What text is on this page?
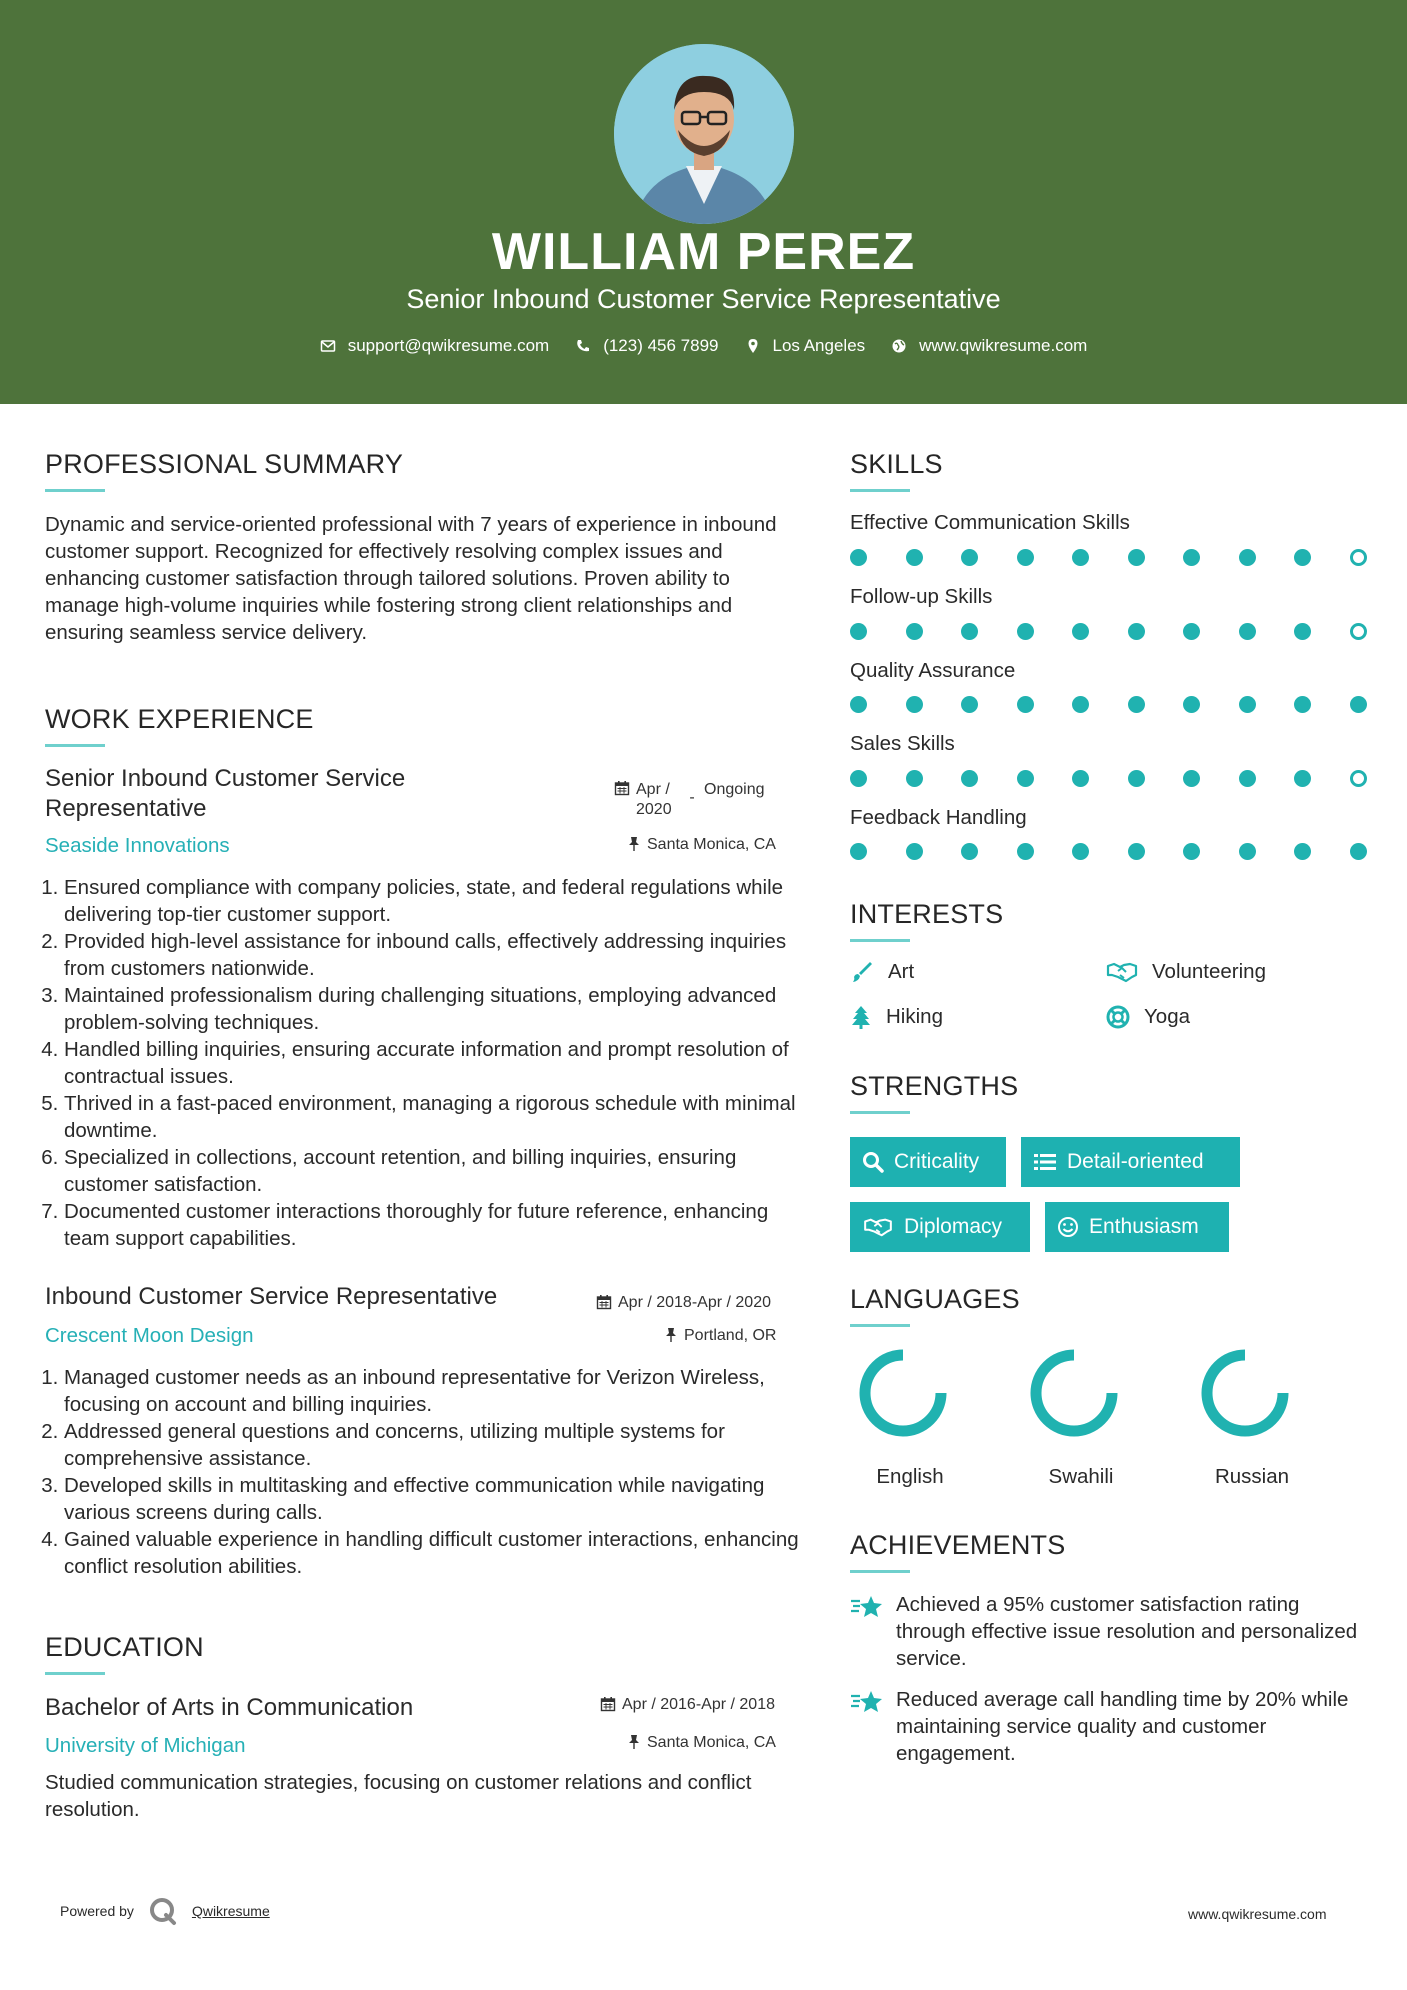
WILLIAM PEREZ
Senior Inbound Customer Service Representative
support@qwikresume.com	(123) 456 7899	Los Angeles	www.qwikresume.com
PROFESSIONAL SUMMARY
Dynamic and service-oriented professional with 7 years of experience in inbound customer support. Recognized for effectively resolving complex issues and enhancing customer satisfaction through tailored solutions. Proven ability to manage high-volume inquiries while fostering strong client relationships and ensuring seamless service delivery.
WORK EXPERIENCE
Senior Inbound Customer Service Representative
Apr / 2020
- Ongoing
Seaside Innovations	Santa Monica, CA
1. Ensured compliance with company policies, state, and federal regulations while delivering top-tier customer support.
2. Provided high-level assistance for inbound calls, effectively addressing inquiries from customers nationwide.
3. Maintained professionalism during challenging situations, employing advanced problem-solving techniques.
4. Handled billing inquiries, ensuring accurate information and prompt resolution of contractual issues.
5. Thrived in a fast-paced environment, managing a rigorous schedule with minimal downtime.
6. Specialized in collections, account retention, and billing inquiries, ensuring customer satisfaction.
7. Documented customer interactions thoroughly for future reference, enhancing team support capabilities.
Inbound Customer Service Representative	Apr / 2018-Apr / 2020
Crescent Moon Design	Portland, OR
1. Managed customer needs as an inbound representative for Verizon Wireless, focusing on account and billing inquiries.
2. Addressed general questions and concerns, utilizing multiple systems for comprehensive assistance.
3. Developed skills in multitasking and effective communication while navigating various screens during calls.
4. Gained valuable experience in handling difficult customer interactions, enhancing conflict resolution abilities.
EDUCATION
Bachelor of Arts in Communication	Apr / 2016-Apr / 2018
University of Michigan	Santa Monica, CA
Studied communication strategies, focusing on customer relations and conflict resolution.
SKILLS
Effective Communication Skills
Follow-up Skills
Quality Assurance
Sales Skills
Feedback Handling
INTERESTS
Art	Volunteering
Hiking	Yoga
STRENGTHS
Criticality	Detail-oriented
Diplomacy	Enthusiasm
LANGUAGES
English	Swahili	Russian
ACHIEVEMENTS
Achieved a 95% customer satisfaction rating through effective issue resolution and personalized service.
Reduced average call handling time by 20% while maintaining service quality and customer engagement.
Powered by	Qwikresume	www.qwikresume.com
